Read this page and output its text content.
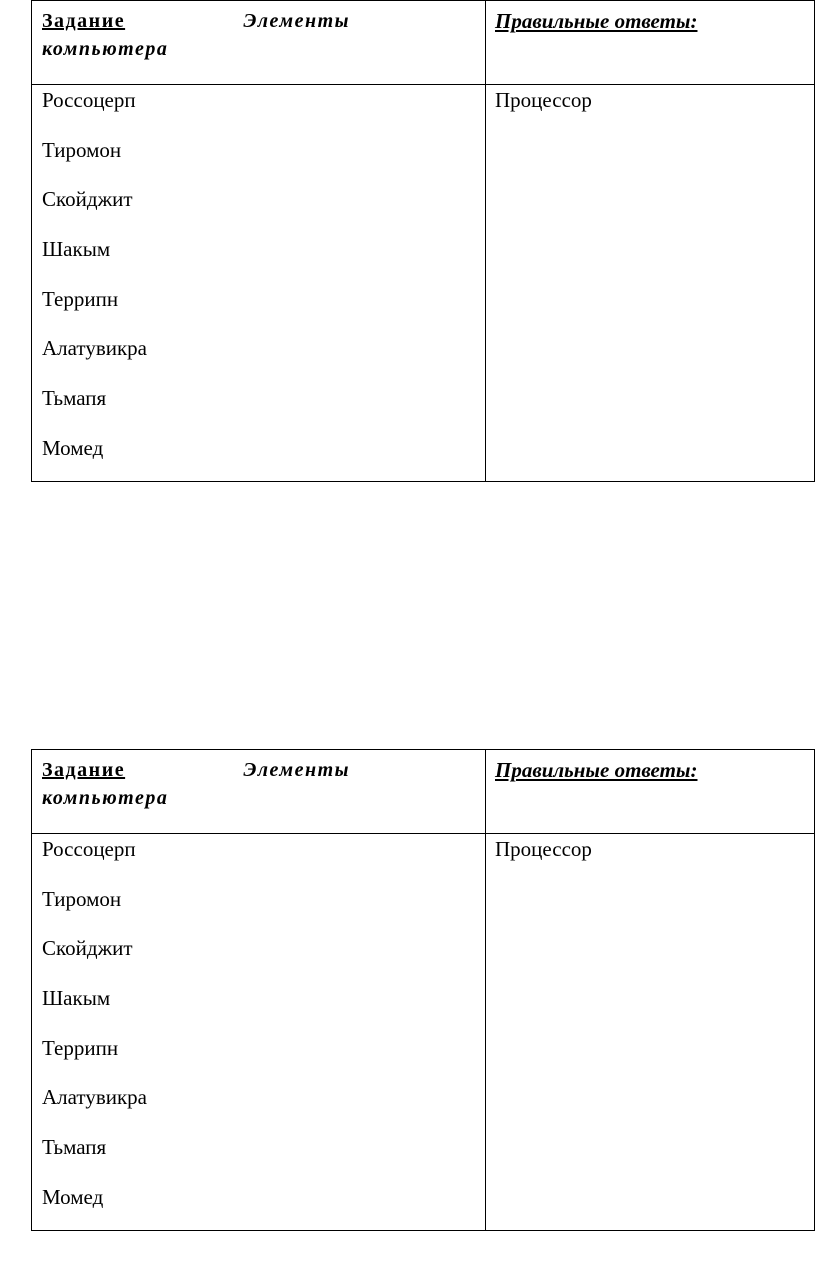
Задание	Элементы
компьютера
Правильные ответы:
Россоцерп
Тиромон
Скойджит
Шакым
Террипн
Алатувикра
Тьмапя
Момед
Процессор
Задание	Элементы
компьютера
Правильные ответы:
Россоцерп
Тиромон
Скойджит
Шакым
Террипн
Алатувикра
Тьмапя
Момед
Процессор
